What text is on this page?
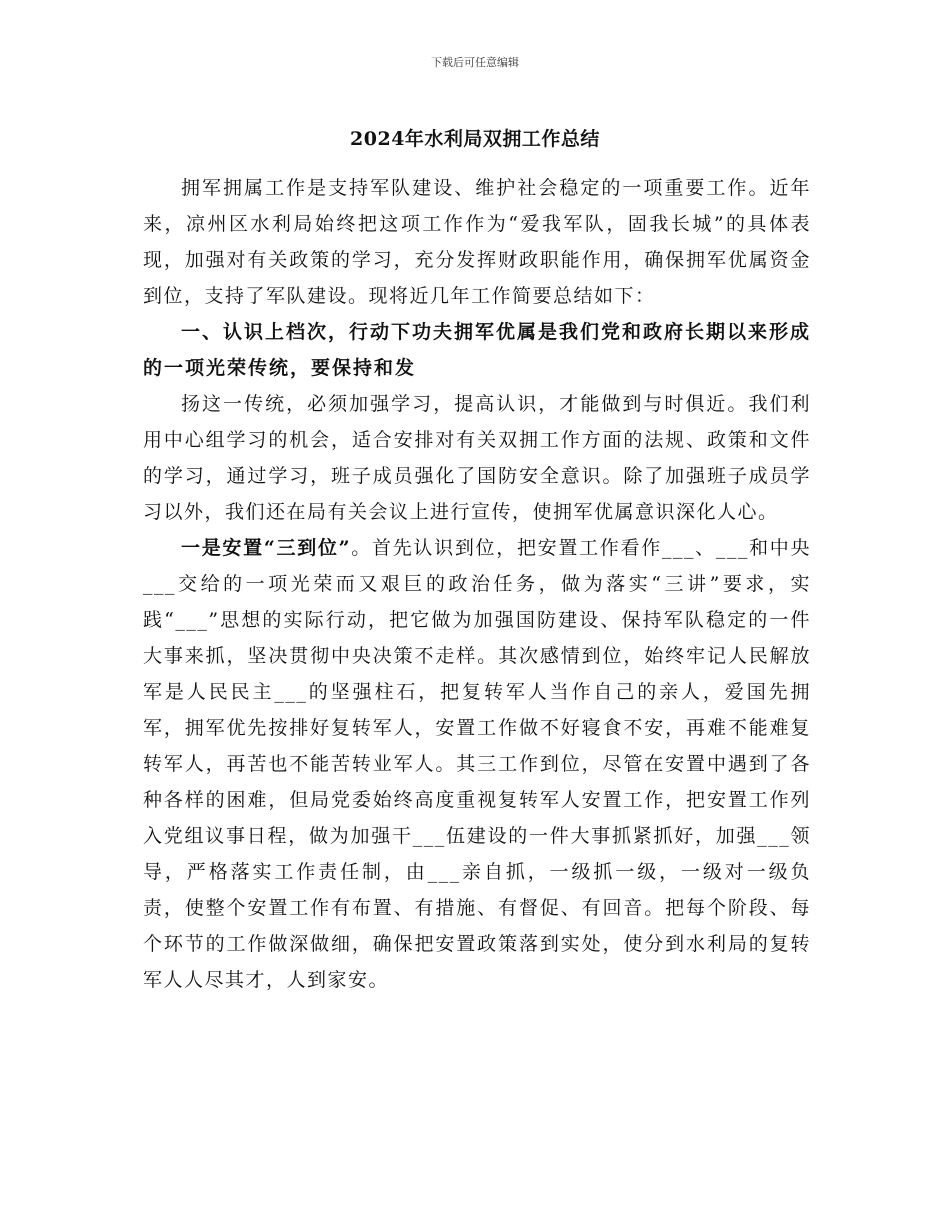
下载后可任意编辑
2024年水利局双拥工作总结

拥军拥属工作是支持军队建设、维护社会稳定的一项重要工作。近年来，凉州区水利局始终把这项工作作为“爱我军队，固我长城”的具体表现，加强对有关政策的学习，充分发挥财政职能作用，确保拥军优属资金到位，支持了军队建设。现将近几年工作简要总结如下：

一、认识上档次，行动下功夫拥军优属是我们党和政府长期以来形成的一项光荣传统，要保持和发

扬这一传统，必须加强学习，提高认识，才能做到与时俱近。我们利用中心组学习的机会，适合安排对有关双拥工作方面的法规、政策和文件的学习，通过学习，班子成员强化了国防安全意识。除了加强班子成员学习以外，我们还在局有关会议上进行宣传，使拥军优属意识深化人心。

一是安置“三到位”。首先认识到位，把安置工作看作___、___和中央___交给的一项光荣而又艰巨的政治任务，做为落实“三讲”要求，实践“___”思想的实际行动，把它做为加强国防建设、保持军队稳定的一件大事来抓，坚决贯彻中央决策不走样。其次感情到位，始终牢记人民解放军是人民民主___的坚强柱石，把复转军人当作自己的亲人，爱国先拥军，拥军优先按排好复转军人，安置工作做不好寝食不安，再难不能难复转军人，再苦也不能苦转业军人。其三工作到位，尽管在安置中遇到了各种各样的困难，但局党委始终高度重视复转军人安置工作，把安置工作列入党组议事日程，做为加强干___伍建设的一件大事抓紧抓好，加强___领导，严格落实工作责任制，由___亲自抓，一级抓一级，一级对一级负责，使整个安置工作有布置、有措施、有督促、有回音。把每个阶段、每个环节的工作做深做细，确保把安置政策落到实处，使分到水利局的复转军人人尽其才，人到家安。
